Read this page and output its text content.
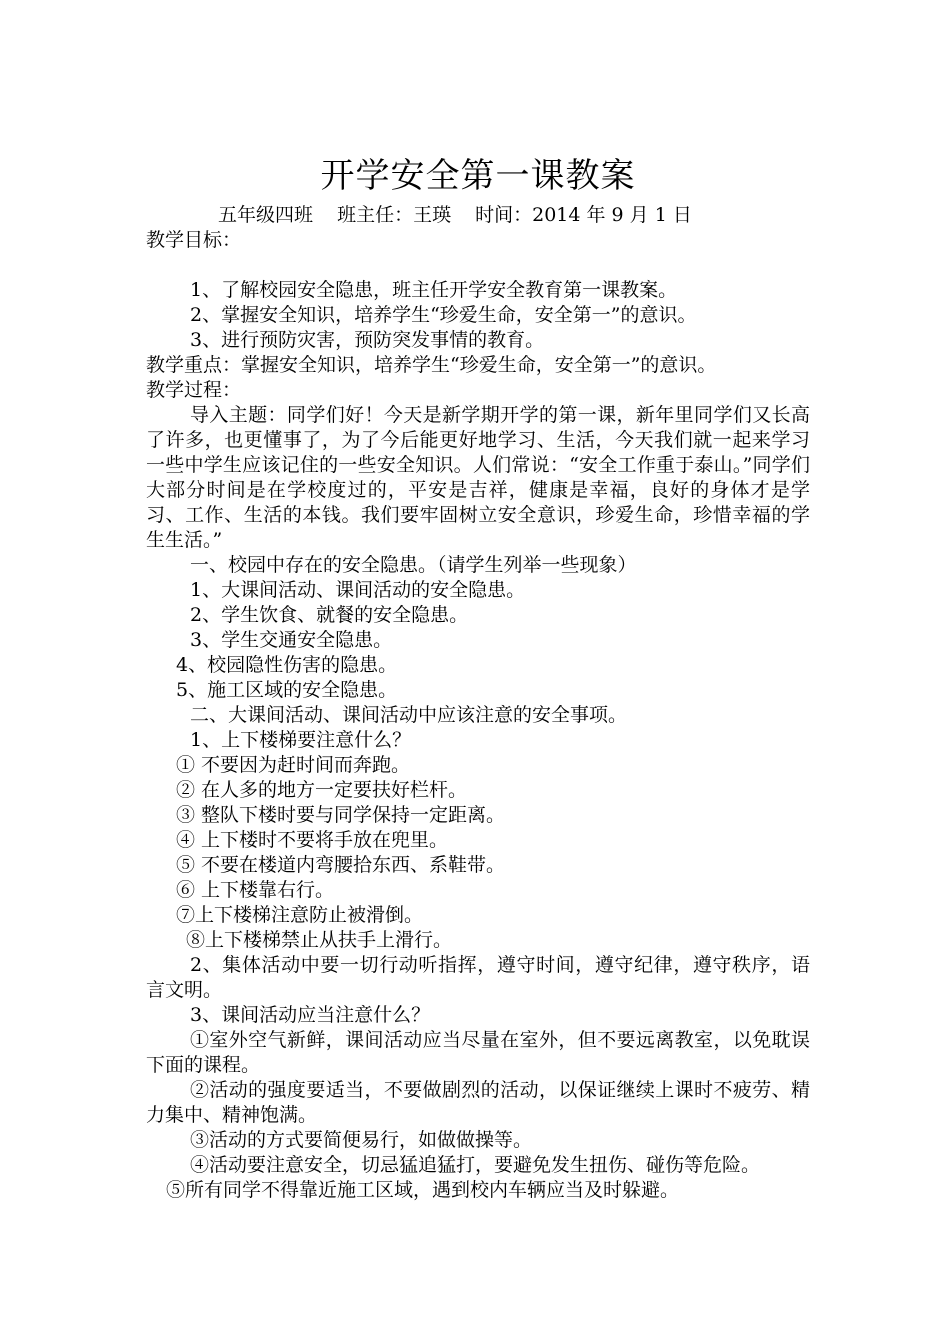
开学安全第一课教案
五年级四班 班主任：王瑛 时间：2014 年 9 月 1 日
教学目标：
1、了解校园安全隐患，班主任开学安全教育第一课教案。
2、掌握安全知识，培养学生“珍爱生命，安全第一”的意识。
3、进行预防灾害，预防突发事情的教育。
教学重点：掌握安全知识，培养学生“珍爱生命，安全第一”的意识。
教学过程：
导入主题：同学们好！今天是新学期开学的第一课，新年里同学们又长高了许多，也更懂事了，为了今后能更好地学习、生活，今天我们就一起来学习一些中学生应该记住的一些安全知识。人们常说：“安全工作重于泰山。”同学们大部分时间是在学校度过的，平安是吉祥，健康是幸福，良好的身体才是学习、工作、生活的本钱。我们要牢固树立安全意识，珍爱生命，珍惜幸福的学生生活。”
一、校园中存在的安全隐患。（请学生列举一些现象）
1、大课间活动、课间活动的安全隐患。
2、学生饮食、就餐的安全隐患。
3、学生交通安全隐患。
4、校园隐性伤害的隐患。
5、施工区域的安全隐患。
二、大课间活动、课间活动中应该注意的安全事项。
1、上下楼梯要注意什么？
① 不要因为赶时间而奔跑。
② 在人多的地方一定要扶好栏杆。
③ 整队下楼时要与同学保持一定距离。
④ 上下楼时不要将手放在兜里。
⑤ 不要在楼道内弯腰拾东西、系鞋带。
⑥ 上下楼靠右行。
⑦上下楼梯注意防止被滑倒。
⑧上下楼梯禁止从扶手上滑行。
2、集体活动中要一切行动听指挥，遵守时间，遵守纪律，遵守秩序，语言文明。
3、课间活动应当注意什么？
①室外空气新鲜，课间活动应当尽量在室外，但不要远离教室，以免耽误下面的课程。
②活动的强度要适当，不要做剧烈的活动，以保证继续上课时不疲劳、精力集中、精神饱满。
③活动的方式要简便易行，如做做操等。
④活动要注意安全，切忌猛追猛打，要避免发生扭伤、碰伤等危险。
⑤所有同学不得靠近施工区域，遇到校内车辆应当及时躲避。
